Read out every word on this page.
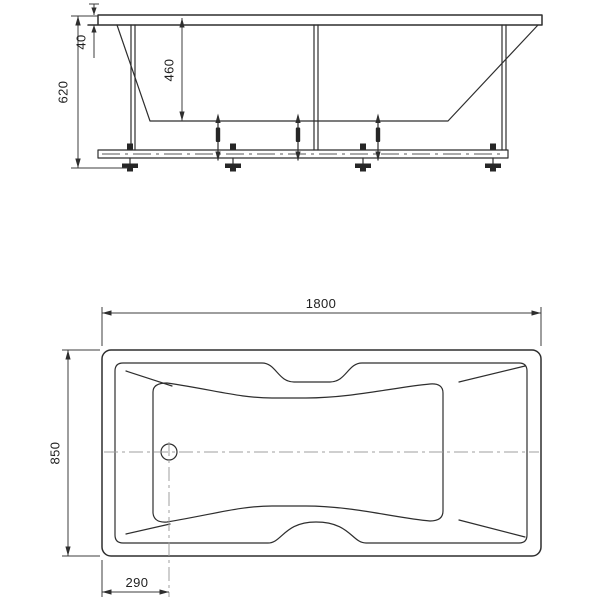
620
40
460
1800
850
290
